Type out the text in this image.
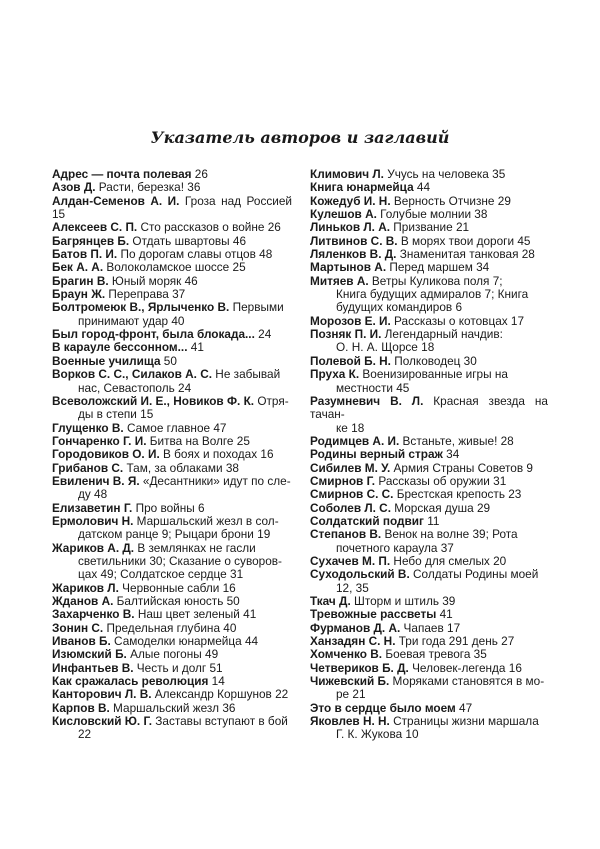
Указатель авторов и заглавий
Адрес — почта полевая 26
Азов Д. Расти, березка! 36
Алдан-Семенов А. И. Гроза над Россией 15
Алексеев С. П. Сто рассказов о войне 26
Багрянцев Б. Отдать швартовы 46
Батов П. И. По дорогам славы отцов 48
Бек А. А. Волоколамское шоссе 25
Брагин В. Юный моряк 46
Браун Ж. Переправа 37
Болтромеюк В., Ярлыченко В. Первыми
принимают удар 40
Был город-фронт, была блокада... 24
В карауле бессонном... 41
Военные училища 50
Ворков С. С., Силаков А. С. Не забывай
нас, Севастополь 24
Всеволожский И. Е., Новиков Ф. К. Отря-
ды в степи 15
Глущенко В. Самое главное 47
Гончаренко Г. И. Битва на Волге 25
Городовиков О. И. В боях и походах 16
Грибанов С. Там, за облаками 38
Евиленич В. Я. «Десантники» идут по сле-
ду 48
Елизаветин Г. Про войны 6
Ермолович Н. Маршальский жезл в сол-
датском ранце 9; Рыцари брони 19
Жариков А. Д. В землянках не гасли
светильники 30; Сказание о суворов-
цах 49; Солдатское сердце 31
Жариков Л. Червонные сабли 16
Жданов А. Балтийская юность 50
Захарченко В. Наш цвет зеленый 41
Зонин С. Предельная глубина 40
Иванов Б. Самоделки юнармейца 44
Изюмский Б. Алые погоны 49
Инфантьев В. Честь и долг 51
Как сражалась революция 14
Канторович Л. В. Александр Коршунов 22
Карпов В. Маршальский жезл 36
Кисловский Ю. Г. Заставы вступают в бой
22
Климович Л. Учусь на человека 35
Книга юнармейца 44
Кожедуб И. Н. Верность Отчизне 29
Кулешов А. Голубые молнии 38
Линьков Л. А. Призвание 21
Литвинов С. В. В морях твои дороги 45
Ляленков В. Д. Знаменитая танковая 28
Мартынов А. Перед маршем 34
Митяев А. Ветры Куликова поля 7;
Книга будущих адмиралов 7; Книга
будущих командиров 6
Морозов Е. И. Рассказы о котовцах 17
Позняк П. И. Легендарный начдив:
О. Н. А. Щорсе 18
Полевой Б. Н. Полководец 30
Пруха К. Военизированные игры на
местности 45
Разумневич В. Л. Красная звезда на тачан-
ке 18
Родимцев А. И. Встаньте, живые! 28
Родины верный страж 34
Сибилев М. У. Армия Страны Советов 9
Смирнов Г. Рассказы об оружии 31
Смирнов С. С. Брестская крепость 23
Соболев Л. С. Морская душа 29
Солдатский подвиг 11
Степанов В. Венок на волне 39; Рота
почетного караула 37
Сухачев М. П. Небо для смелых 20
Суходольский В. Солдаты Родины моей
12, 35
Ткач Д. Шторм и штиль 39
Тревожные рассветы 41
Фурманов Д. А. Чапаев 17
Ханзадян С. Н. Три года 291 день 27
Хомченко В. Боевая тревога 35
Четвериков Б. Д. Человек-легенда 16
Чижевский Б. Моряками становятся в мо-
ре 21
Это в сердце было моем 47
Яковлев Н. Н. Страницы жизни маршала
Г. К. Жукова 10
